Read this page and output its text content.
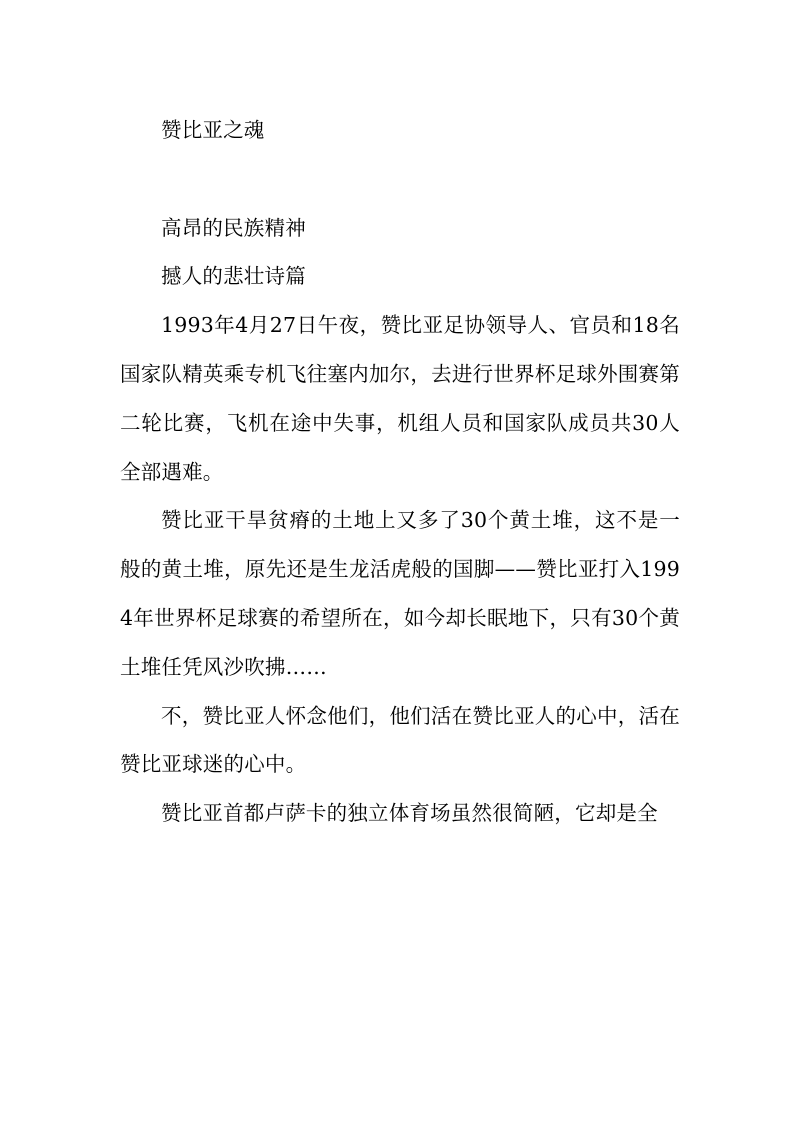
赞比亚之魂

高昂的民族精神

撼人的悲壮诗篇

1993年4月27日午夜，赞比亚足协领导人、官员和18名国家队精英乘专机飞往塞内加尔，去进行世界杯足球外围赛第二轮比赛，飞机在途中失事，机组人员和国家队成员共30人全部遇难。

赞比亚干旱贫瘠的土地上又多了30个黄土堆，这不是一般的黄土堆，原先还是生龙活虎般的国脚——赞比亚打入1994年世界杯足球赛的希望所在，如今却长眠地下，只有30个黄土堆任凭风沙吹拂……

不，赞比亚人怀念他们，他们活在赞比亚人的心中，活在赞比亚球迷的心中。

赞比亚首都卢萨卡的独立体育场虽然很简陋，它却是全
